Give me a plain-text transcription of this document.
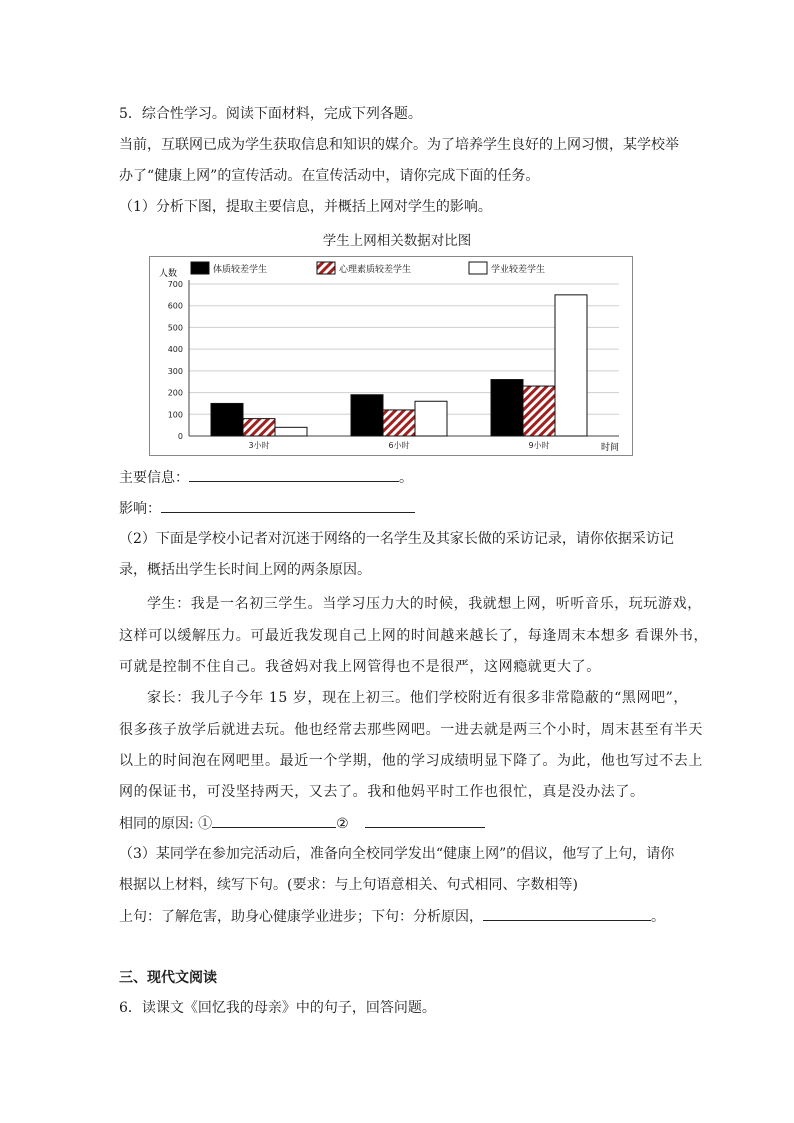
5．综合性学习。阅读下面材料，完成下列各题。
当前，互联网已成为学生获取信息和知识的媒介。为了培养学生良好的上网习惯，某学校举
办了“健康上网”的宣传活动。在宣传活动中，请你完成下面的任务。
（1）分析下图，提取主要信息，并概括上网对学生的影响。
学生上网相关数据对比图
体质较差学生	心理素质较差学生	学业较差学生
人数
时间
0
100
200
300
400
500
600
700
3小时	6小时	9小时
主要信息：	。
影响：
（2）下面是学校小记者对沉迷于网络的一名学生及其家长做的采访记录，请你依据采访记
录，概括出学生长时间上网的两条原因。
学生：我是一名初三学生。当学习压力大的时候，我就想上网，听听音乐，玩玩游戏，
这样可以缓解压力。可最近我发现自己上网的时间越来越长了，每逢周末本想多 看课外书，
可就是控制不住自己。我爸妈对我上网管得也不是很严，这网瘾就更大了。
家长：我儿子今年 15 岁，现在上初三。他们学校附近有很多非常隐蔽的“黑网吧”，
很多孩子放学后就进去玩。他也经常去那些网吧。一进去就是两三个小时，周末甚至有半天
以上的时间泡在网吧里。最近一个学期，他的学习成绩明显下降了。为此，他也写过不去上
网的保证书，可没坚持两天，又去了。我和他妈平时工作也很忙，真是没办法了。
相同的原因: ①	②
（3）某同学在参加完活动后，准备向全校同学发出“健康上网”的倡议，他写了上句，请你
根据以上材料，续写下句。(要求：与上句语意相关、句式相同、字数相等)
上句：了解危害，助身心健康学业进步；下句：分析原因，	。
三、现代文阅读
6．读课文《回忆我的母亲》中的句子，回答问题。
